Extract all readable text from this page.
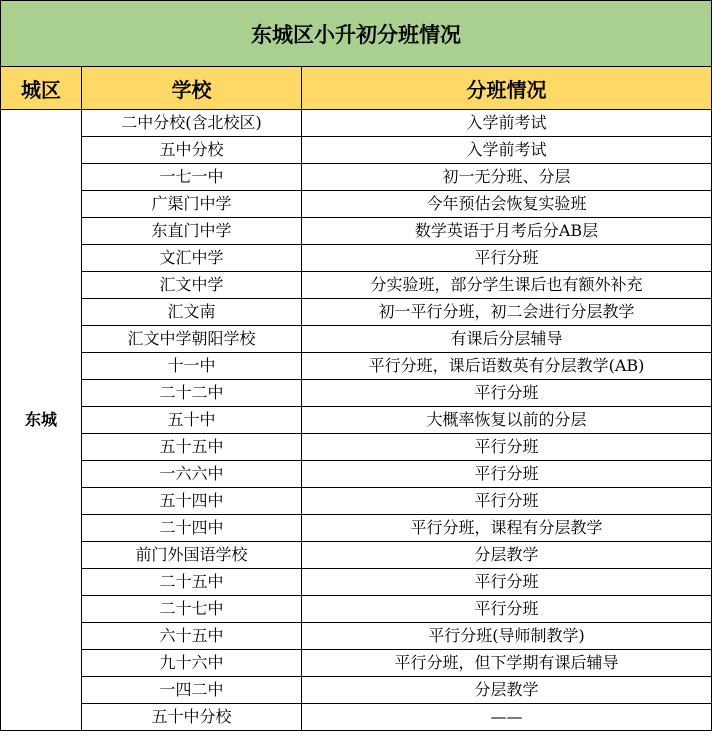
东城区小升初分班情况		
城区	学校	分班情况
东城	二中分校(含北校区)	入学前考试
	五中分校	入学前考试
	一七一中	初一无分班、分层
	广渠门中学	今年预估会恢复实验班
	东直门中学	数学英语于月考后分AB层
	文汇中学	平行分班
	汇文中学	分实验班，部分学生课后也有额外补充
	汇文南	初一平行分班，初二会进行分层教学
	汇文中学朝阳学校	有课后分层辅导
	十一中	平行分班，课后语数英有分层教学(AB)
	二十二中	平行分班
	五十中	大概率恢复以前的分层
	五十五中	平行分班
	一六六中	平行分班
	五十四中	平行分班
	二十四中	平行分班，课程有分层教学
	前门外国语学校	分层教学
	二十五中	平行分班
	二十七中	平行分班
	六十五中	平行分班(导师制教学)
	九十六中	平行分班，但下学期有课后辅导
	一四二中	分层教学
	五十中分校	——
